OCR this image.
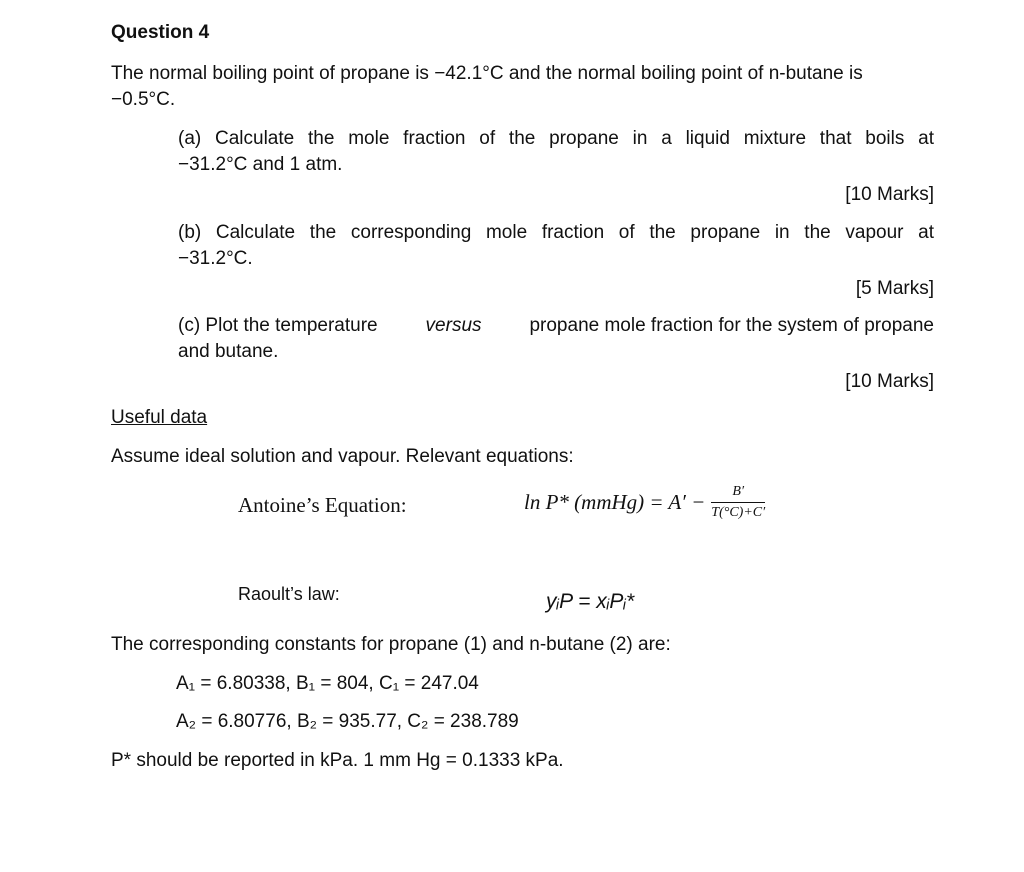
Question 4
The normal boiling point of propane is −42.1°C and the normal boiling point of n-butane is
−0.5°C.
(a) Calculate the mole fraction of the propane in a liquid mixture that boils at
−31.2°C and 1 atm.
[10 Marks]
(b) Calculate the corresponding mole fraction of the propane in the vapour at
−31.2°C.
[5 Marks]
(c) Plot the temperature	versus	propane mole fraction for the system of propane
and butane.
[10 Marks]
Useful data
Assume ideal solution and vapour. Relevant equations:
Antoine’s Equation:	ln P* (mmHg) = $A' - \frac{B'}{T(^\circ C)+C'}$
Raoult’s law:	yᵢP = xᵢPᵢ*
The corresponding constants for propane (1) and n-butane (2) are:
A₁ = 6.80338, B₁ = 804, C₁ = 247.04
A₂ = 6.80776, B₂ = 935.77, C₂ = 238.789
P* should be reported in kPa. 1 mm Hg = 0.1333 kPa.
